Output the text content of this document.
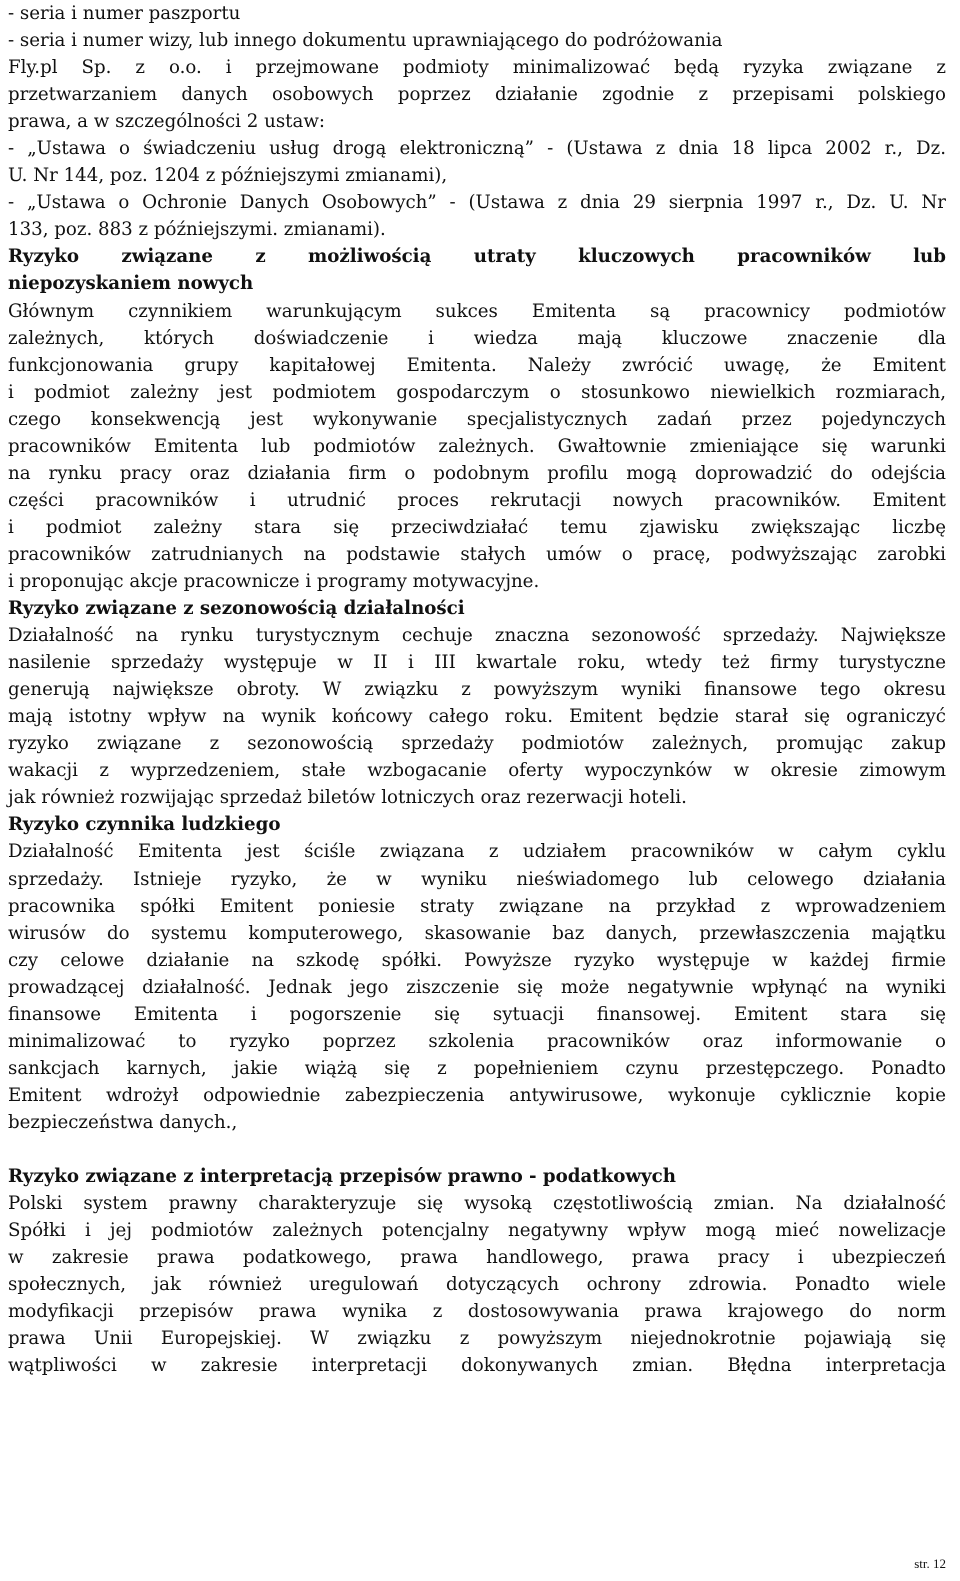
- seria i numer paszportu
- seria i numer wizy, lub innego dokumentu uprawniającego do podróżowania
Fly.pl Sp. z o.o. i przejmowane podmioty minimalizować będą ryzyka związane z
przetwarzaniem danych osobowych poprzez działanie zgodnie z przepisami polskiego
prawa, a w szczególności 2 ustaw:
- „Ustawa o świadczeniu usług drogą elektroniczną” - (Ustawa z dnia 18 lipca 2002 r., Dz.
U. Nr 144, poz. 1204 z późniejszymi zmianami),
- „Ustawa o Ochronie Danych Osobowych” - (Ustawa z dnia 29 sierpnia 1997 r., Dz. U. Nr
133, poz. 883 z późniejszymi. zmianami).
Ryzyko związane z możliwością utraty kluczowych pracowników lub
niepozyskaniem nowych
Głównym czynnikiem warunkującym sukces Emitenta są pracownicy podmiotów
zależnych, których doświadczenie i wiedza mają kluczowe znaczenie dla
funkcjonowania grupy kapitałowej Emitenta. Należy zwrócić uwagę, że Emitent
i podmiot zależny jest podmiotem gospodarczym o stosunkowo niewielkich rozmiarach,
czego konsekwencją jest wykonywanie specjalistycznych zadań przez pojedynczych
pracowników Emitenta lub podmiotów zależnych. Gwałtownie zmieniające się warunki
na rynku pracy oraz działania firm o podobnym profilu mogą doprowadzić do odejścia
części pracowników i utrudnić proces rekrutacji nowych pracowników. Emitent
i podmiot zależny stara się przeciwdziałać temu zjawisku zwiększając liczbę
pracowników zatrudnianych na podstawie stałych umów o pracę, podwyższając zarobki
i proponując akcje pracownicze i programy motywacyjne.
Ryzyko związane z sezonowością działalności
Działalność na rynku turystycznym cechuje znaczna sezonowość sprzedaży. Największe
nasilenie sprzedaży występuje w II i III kwartale roku, wtedy też firmy turystyczne
generują największe obroty. W związku z powyższym wyniki finansowe tego okresu
mają istotny wpływ na wynik końcowy całego roku. Emitent będzie starał się ograniczyć
ryzyko związane z sezonowością sprzedaży podmiotów zależnych, promując zakup
wakacji z wyprzedzeniem, stałe wzbogacanie oferty wypoczynków w okresie zimowym
jak również rozwijając sprzedaż biletów lotniczych oraz rezerwacji hoteli.
Ryzyko czynnika ludzkiego
Działalność Emitenta jest ściśle związana z udziałem pracowników w całym cyklu
sprzedaży. Istnieje ryzyko, że w wyniku nieświadomego lub celowego działania
pracownika spółki Emitent poniesie straty związane na przykład z wprowadzeniem
wirusów do systemu komputerowego, skasowanie baz danych, przewłaszczenia majątku
czy celowe działanie na szkodę spółki. Powyższe ryzyko występuje w każdej firmie
prowadzącej działalność. Jednak jego ziszczenie się może negatywnie wpłynąć na wyniki
finansowe Emitenta i pogorszenie się sytuacji finansowej. Emitent stara się
minimalizować to ryzyko poprzez szkolenia pracowników oraz informowanie o
sankcjach karnych, jakie wiążą się z popełnieniem czynu przestępczego. Ponadto
Emitent wdrożył odpowiednie zabezpieczenia antywirusowe, wykonuje cyklicznie kopie
bezpieczeństwa danych.,
Ryzyko związane z interpretacją przepisów prawno - podatkowych
Polski system prawny charakteryzuje się wysoką częstotliwością zmian. Na działalność
Spółki i jej podmiotów zależnych potencjalny negatywny wpływ mogą mieć nowelizacje
w zakresie prawa podatkowego, prawa handlowego, prawa pracy i ubezpieczeń
społecznych, jak również uregulowań dotyczących ochrony zdrowia. Ponadto wiele
modyfikacji przepisów prawa wynika z dostosowywania prawa krajowego do norm
prawa Unii Europejskiej. W związku z powyższym niejednokrotnie pojawiają się
wątpliwości w zakresie interpretacji dokonywanych zmian. Błędna interpretacja
str. 12
